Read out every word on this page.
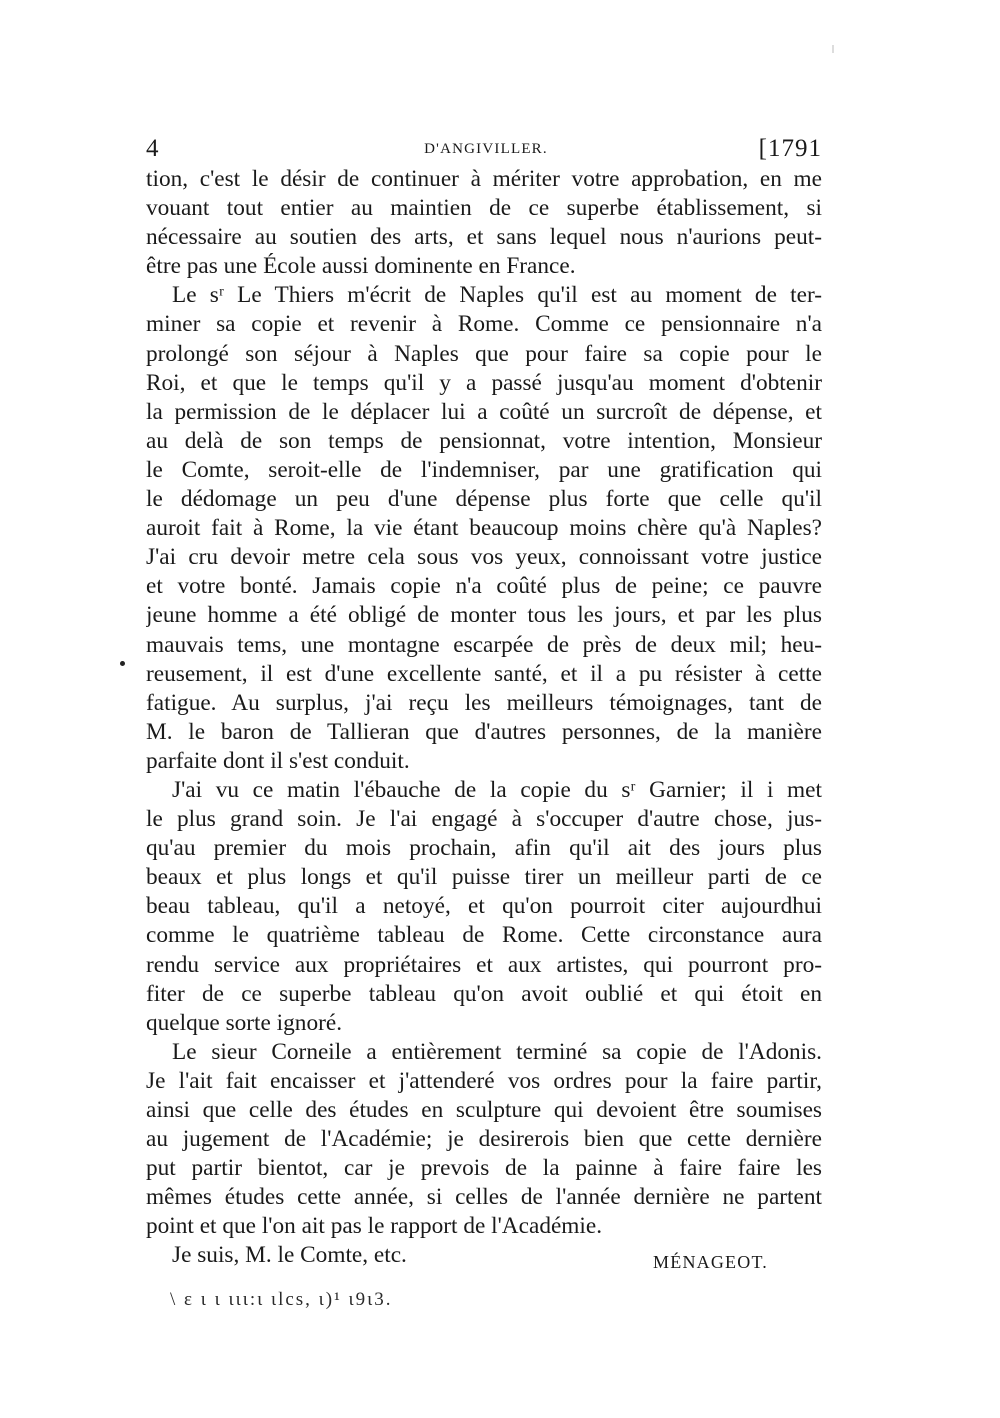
4	D'ANGIVILLER.	[1791
tion, c'est le désir de continuer à mériter votre approbation, en me
vouant tout entier au maintien de ce superbe établissement, si
nécessaire au soutien des arts, et sans lequel nous n'aurions peut-
être pas une École aussi dominente en France.
Le sʳ Le Thiers m'écrit de Naples qu'il est au moment de ter-
miner sa copie et revenir à Rome. Comme ce pensionnaire n'a
prolongé son séjour à Naples que pour faire sa copie pour le
Roi, et que le temps qu'il y a passé jusqu'au moment d'obtenir
la permission de le déplacer lui a coûté un surcroît de dépense, et
au delà de son temps de pensionnat, votre intention, Monsieur
le Comte, seroit-elle de l'indemniser, par une gratification qui
le dédomage un peu d'une dépense plus forte que celle qu'il
auroit fait à Rome, la vie étant beaucoup moins chère qu'à Naples?
J'ai cru devoir metre cela sous vos yeux, connoissant votre justice
et votre bonté. Jamais copie n'a coûté plus de peine; ce pauvre
jeune homme a été obligé de monter tous les jours, et par les plus
mauvais tems, une montagne escarpée de près de deux mil; heu-
reusement, il est d'une excellente santé, et il a pu résister à cette
fatigue. Au surplus, j'ai reçu les meilleurs témoignages, tant de
M. le baron de Tallieran que d'autres personnes, de la manière
parfaite dont il s'est conduit.
J'ai vu ce matin l'ébauche de la copie du sʳ Garnier; il i met
le plus grand soin. Je l'ai engagé à s'occuper d'autre chose, jus-
qu'au premier du mois prochain, afin qu'il ait des jours plus
beaux et plus longs et qu'il puisse tirer un meilleur parti de ce
beau tableau, qu'il a netoyé, et qu'on pourroit citer aujourdhui
comme le quatrième tableau de Rome. Cette circonstance aura
rendu service aux propriétaires et aux artistes, qui pourront pro-
fiter de ce superbe tableau qu'on avoit oublié et qui étoit en
quelque sorte ignoré.
Le sieur Corneile a entièrement terminé sa copie de l'Adonis.
Je l'ait fait encaisser et j'attenderé vos ordres pour la faire partir,
ainsi que celle des études en sculpture qui devoient être soumises
au jugement de l'Académie; je desirerois bien que cette dernière
put partir bientot, car je prevois de la painne à faire faire les
mêmes études cette année, si celles de l'année dernière ne partent
point et que l'on ait pas le rapport de l'Académie.
Je suis, M. le Comte, etc.	MÉNAGEOT.
\ ε ι ι ιιι:ι ιlcs, ι)¹ ι9ι3.
